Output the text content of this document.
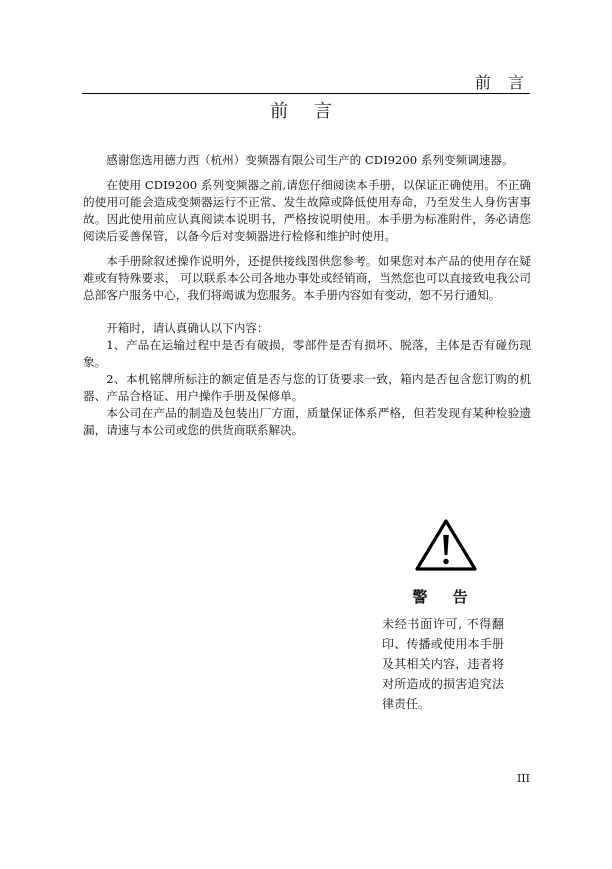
前 言
前 言

感谢您选用德力西（杭州）变频器有限公司生产的 CDI9200 系列变频调速器。

在使用 CDI9200 系列变频器之前,请您仔细阅读本手册，以保证正确使用。不正确的使用可能会造成变频器运行不正常、发生故障或降低使用寿命，乃至发生人身伤害事故。因此使用前应认真阅读本说明书，严格按说明使用。本手册为标准附件，务必请您阅读后妥善保管，以备今后对变频器进行检修和维护时使用。

本手册除叙述操作说明外，还提供接线图供您参考。如果您对本产品的使用存在疑难或有特殊要求， 可以联系本公司各地办事处或经销商，当然您也可以直接致电我公司总部客户服务中心，我们将竭诚为您服务。本手册内容如有变动，恕不另行通知。

开箱时，请认真确认以下内容：

1、产品在运输过程中是否有破损，零部件是否有损坏、脱落，主体是否有碰伤现象。

2、本机铭牌所标注的额定值是否与您的订货要求一致，箱内是否包含您订购的机器、产品合格证、用户操作手册及保修单。

本公司在产品的制造及包装出厂方面，质量保证体系严格，但若发现有某种检验遗漏，请速与本公司或您的供货商联系解决。

警 告
未经书面许可, 不得翻印、传播或使用本手册及其相关内容，违者将对所造成的损害追究法律责任。
III
